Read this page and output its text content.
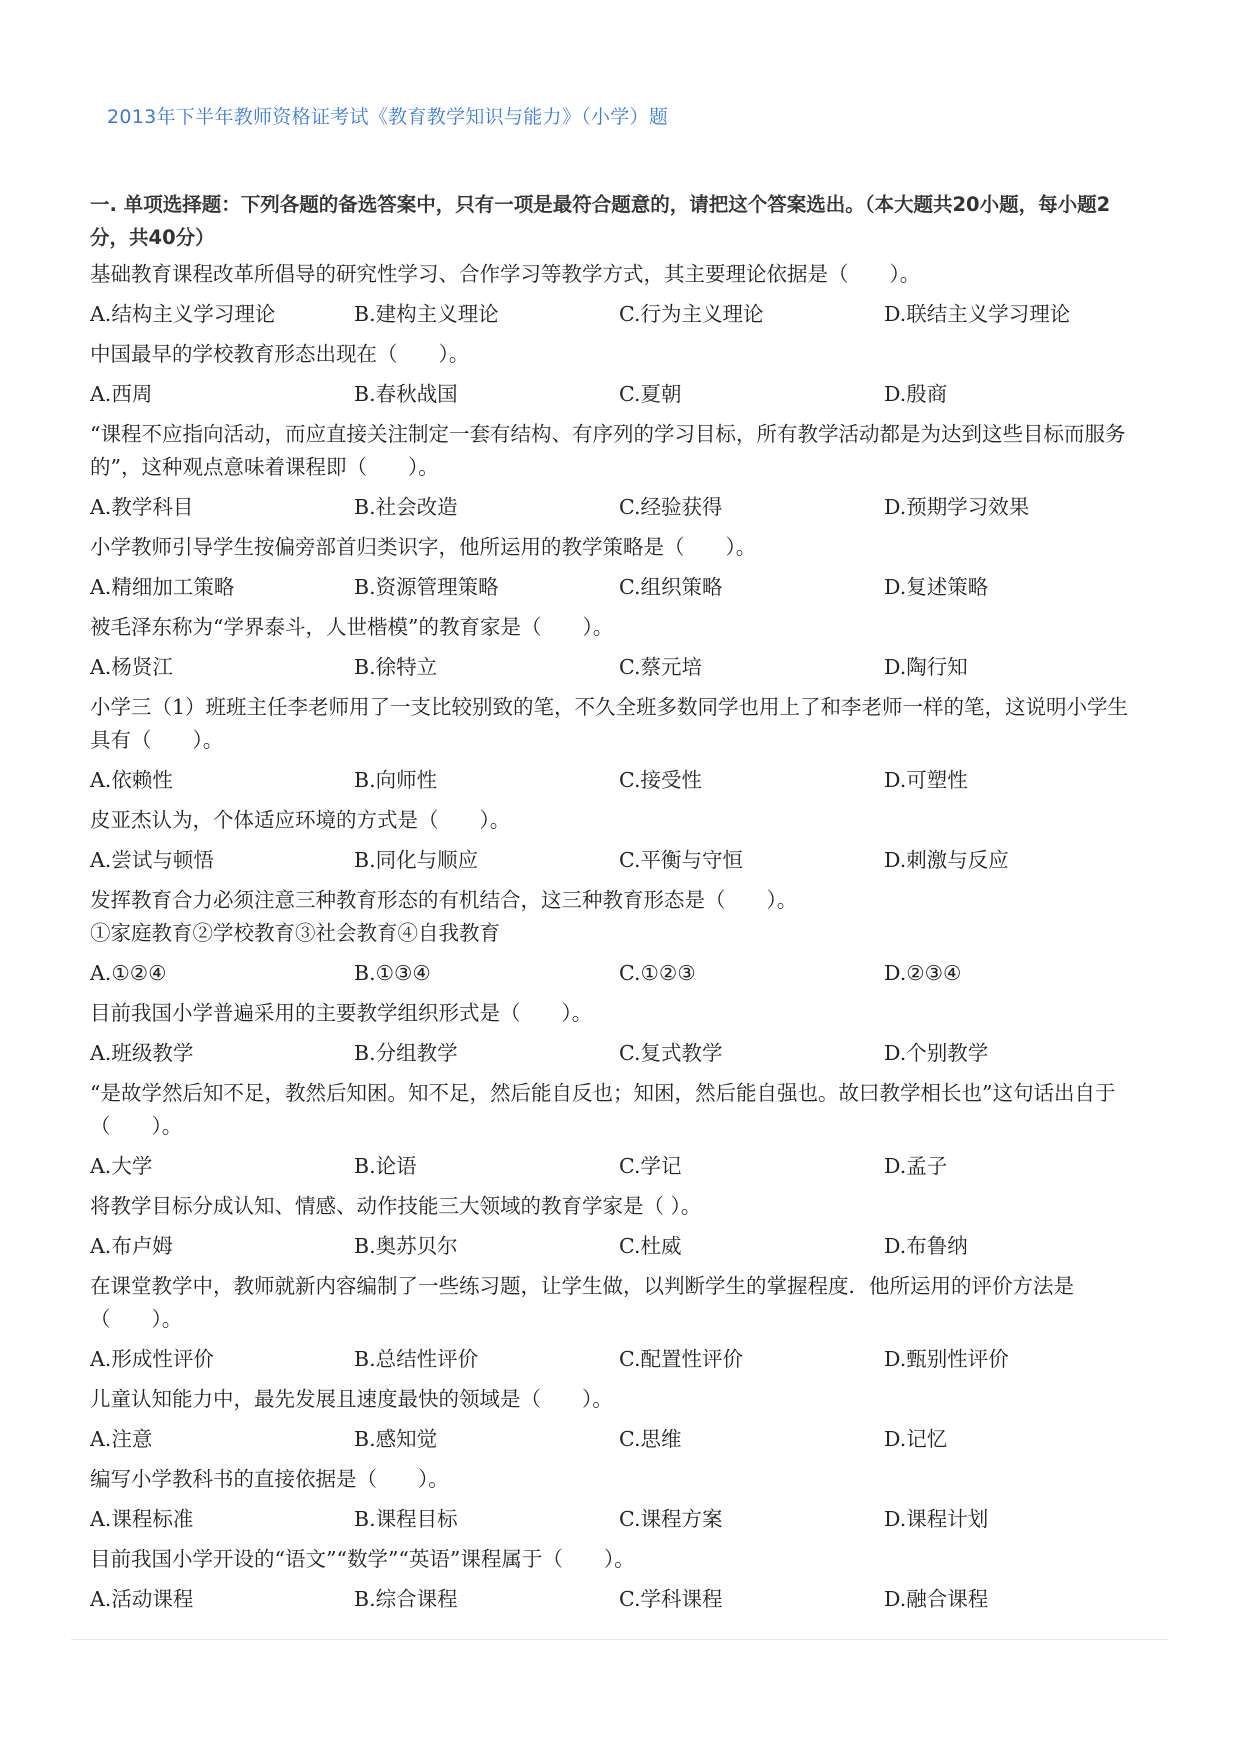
2013年下半年教师资格证考试《教育教学知识与能力》（小学）题
一. 单项选择题：下列各题的备选答案中，只有一项是最符合题意的，请把这个答案选出。（本大题共20小题，每小题2分，共40分）
基础教育课程改革所倡导的研究性学习、合作学习等教学方式，其主要理论依据是（　　）。
A.结构主义学习理论	B.建构主义理论	C.行为主义理论	D.联结主义学习理论
中国最早的学校教育形态出现在（　　）。
A.西周	B.春秋战国	C.夏朝	D.殷商
“课程不应指向活动，而应直接关注制定一套有结构、有序列的学习目标，所有教学活动都是为达到这些目标而服务的”，这种观点意味着课程即（　　）。
A.教学科目	B.社会改造	C.经验获得	D.预期学习效果
小学教师引导学生按偏旁部首归类识字，他所运用的教学策略是（　　）。
A.精细加工策略	B.资源管理策略	C.组织策略	D.复述策略
被毛泽东称为“学界泰斗，人世楷模”的教育家是（　　）。
A.杨贤江	B.徐特立	C.蔡元培	D.陶行知
小学三（1）班班主任李老师用了一支比较别致的笔，不久全班多数同学也用上了和李老师一样的笔，这说明小学生具有（　　）。
A.依赖性	B.向师性	C.接受性	D.可塑性
皮亚杰认为，个体适应环境的方式是（　　）。
A.尝试与顿悟	B.同化与顺应	C.平衡与守恒	D.刺激与反应
发挥教育合力必须注意三种教育形态的有机结合，这三种教育形态是（　　）。
①家庭教育②学校教育③社会教育④自我教育
A.①②④	B.①③④	C.①②③	D.②③④
目前我国小学普遍采用的主要教学组织形式是（　　）。
A.班级教学	B.分组教学	C.复式教学	D.个别教学
“是故学然后知不足，教然后知困。知不足，然后能自反也；知困，然后能自强也。故曰教学相长也”这句话出自于（　　）。
A.大学	B.论语	C.学记	D.孟子
将教学目标分成认知、情感、动作技能三大领域的教育学家是（ ）。
A.布卢姆	B.奥苏贝尔	C.杜威	D.布鲁纳
在课堂教学中，教师就新内容编制了一些练习题，让学生做，以判断学生的掌握程度．他所运用的评价方法是（　　）。
A.形成性评价	B.总结性评价	C.配置性评价	D.甄别性评价
儿童认知能力中，最先发展且速度最快的领域是（　　）。
A.注意	B.感知觉	C.思维	D.记忆
编写小学教科书的直接依据是（　　）。
A.课程标准	B.课程目标	C.课程方案	D.课程计划
目前我国小学开设的“语文”“数学”“英语”课程属于（　　）。
A.活动课程	B.综合课程	C.学科课程	D.融合课程
